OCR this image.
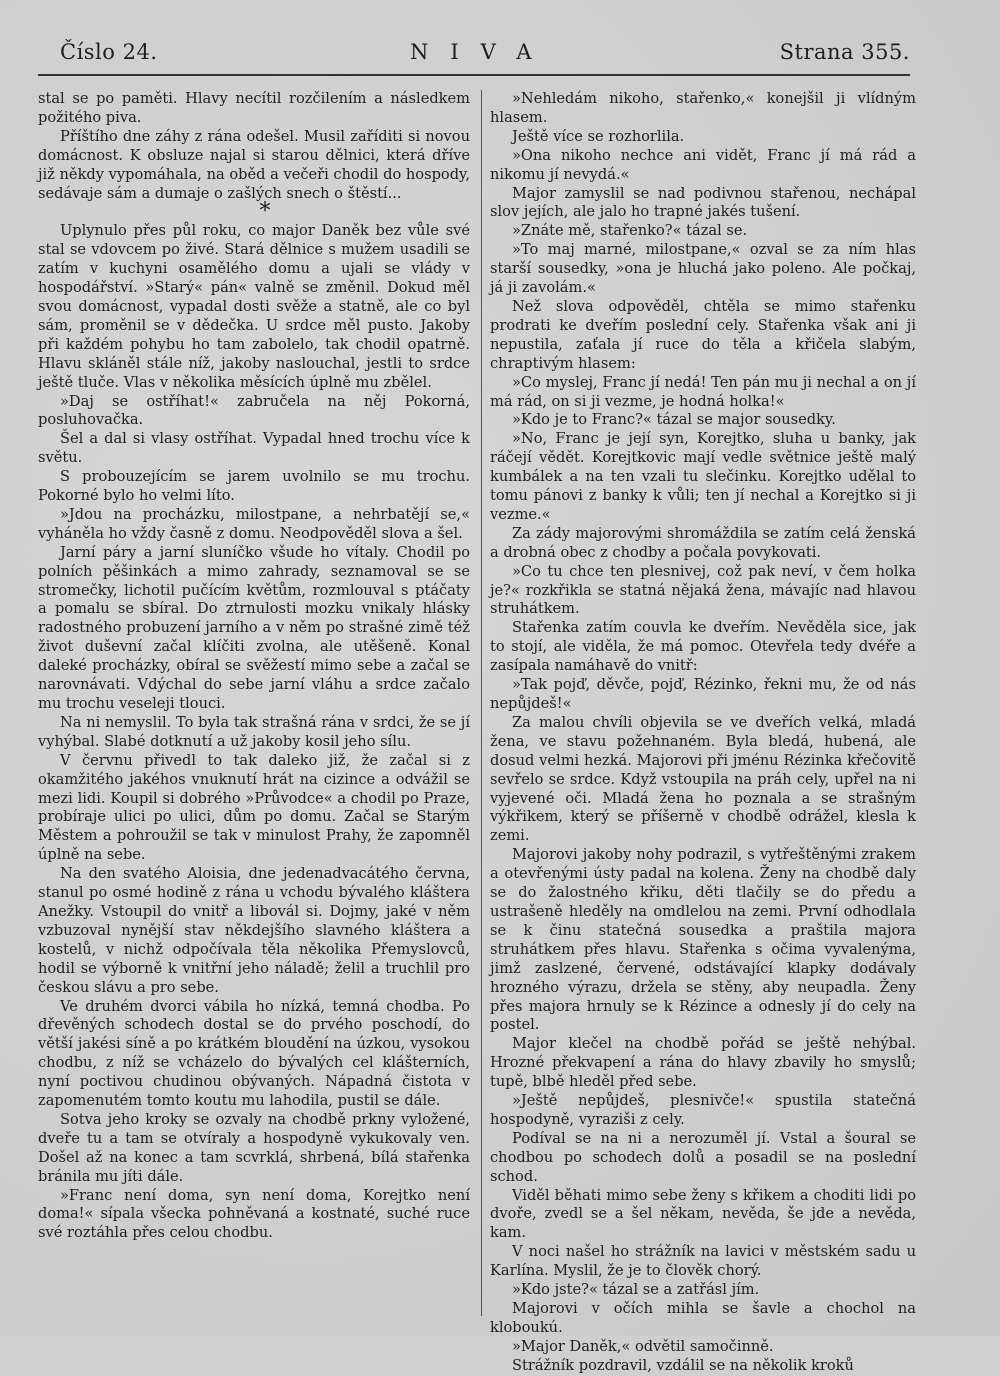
Číslo 24.	NIVA	Strana 355.

stal se po paměti. Hlavy necítil rozčilením a následkem požitého piva.

Příštího dne záhy z rána odešel. Musil zaříditi si novou domácnost. K obsluze najal si starou dělnici, která dříve již někdy vypomáhala, na oběd a večeři chodil do hospody, sedávaje sám a dumaje o zašlých snech o štěstí...

*

Uplynulo přes půl roku, co major Daněk bez vůle své stal se vdovcem po živé. Stará dělnice s mužem usadili se zatím v kuchyni osamělého domu a ujali se vlády v hospodářství. »Starý« pán« valně se změnil. Dokud měl svou domácnost, vypadal dosti svěže a statně, ale co byl sám, proměnil se v dědečka. U srdce měl pusto. Jakoby při každém pohybu ho tam zabolelo, tak chodil opatrně. Hlavu skláněl stále níž, jakoby naslouchal, jestli to srdce ještě tluče. Vlas v několika měsících úplně mu zbělel.

»Daj se ostříhat!« zabručela na něj Pokorná, posluhovačka.

Šel a dal si vlasy ostříhat. Vypadal hned trochu více k světu.

S probouzejícím se jarem uvolnilo se mu trochu. Pokorné bylo ho velmi líto.

»Jdou na procházku, milostpane, a nehrbatějí se,« vyháněla ho vždy časně z domu. Neodpověděl slova a šel.

Jarní páry a jarní sluníčko všude ho vítaly. Chodil po polních pěšinkách a mimo zahrady, seznamoval se se stromečky, lichotil pučícím květům, rozmlouval s ptáčaty a pomalu se sbíral. Do ztrnulosti mozku vnikaly hlásky radostného probuzení jarního a v něm po strašné zimě též život duševní začal klíčiti zvolna, ale utěšeně. Konal daleké procházky, obíral se svěžestí mimo sebe a začal se narovnávati. Vdýchal do sebe jarní vláhu a srdce začalo mu trochu veseleji tlouci.

Na ni nemyslil. To byla tak strašná rána v srdci, že se jí vyhýbal. Slabé dotknutí a už jakoby kosil jeho sílu.

V červnu přivedl to tak daleko již, že začal si z okamžitého jakéhos vnuknutí hrát na cizince a odvážil se mezi lidi. Koupil si dobrého »Průvodce« a chodil po Praze, probíraje ulici po ulici, dům po domu. Začal se Starým Městem a pohroužil se tak v minulost Prahy, že zapomněl úplně na sebe.

Na den svatého Aloisia, dne jedenadvacátého června, stanul po osmé hodině z rána u vchodu bývalého kláštera Anežky. Vstoupil do vnitř a libovál si. Dojmy, jaké v něm vzbuzoval nynější stav někdejšího slavného kláštera a kostelů, v nichž odpočívala těla několika Přemyslovců, hodil se výborně k vnitřní jeho náladě; želil a truchlil pro českou slávu a pro sebe.

Ve druhém dvorci vábila ho nízká, temná chodba. Po dřevěných schodech dostal se do prvého poschodí, do větší jakési síně a po krátkém bloudění na úzkou, vysokou chodbu, z níž se vcházelo do bývalých cel klášterních, nyní poctivou chudinou obývaných. Nápadná čistota v zapomenutém tomto koutu mu lahodila, pustil se dále.

Sotva jeho kroky se ozvaly na chodbě prkny vyložené, dveře tu a tam se otvíraly a hospodyně vykukovaly ven. Došel až na konec a tam scvrklá, shrbená, bílá stařenka bránila mu jíti dále.

»Franc není doma, syn není doma, Korejtko není doma!« sípala všecka pohněvaná a kostnaté, suché ruce své roztáhla přes celou chodbu.

»Nehledám nikoho, stařenko,« konejšil ji vlídným hlasem.

Ještě více se rozhorlila.

»Ona nikoho nechce ani vidět, Franc jí má rád a nikomu jí nevydá.«

Major zamyslil se nad podivnou stařenou, nechápal slov jejích, ale jalo ho trapné jakés tušení.

»Znáte mě, stařenko?« tázal se.

»To maj marné, milostpane,« ozval se za ním hlas starší sousedky, »ona je hluchá jako poleno. Ale počkaj, já ji zavolám.«

Než slova odpověděl, chtěla se mimo stařenku prodrati ke dveřím poslední cely. Stařenka však ani ji nepustila, zaťala jí ruce do těla a křičela slabým, chraptivým hlasem:

»Co myslej, Franc jí nedá! Ten pán mu ji nechal a on jí má rád, on si ji vezme, je hodná holka!«

»Kdo je to Franc?« tázal se major sousedky.

»No, Franc je její syn, Korejtko, sluha u banky, jak ráčejí vědět. Korejtkovic mají vedle světnice ještě malý kumbálek a na ten vzali tu slečinku. Korejtko udělal to tomu pánovi z banky k vůli; ten jí nechal a Korejtko si ji vezme.«

Za zády majorovými shromáždila se zatím celá ženská a drobná obec z chodby a počala povykovati.

»Co tu chce ten plesnivej, což pak neví, v čem holka je?« rozkřikla se statná nějaká žena, mávajíc nad hlavou struhátkem.

Stařenka zatím couvla ke dveřím. Nevěděla sice, jak to stojí, ale viděla, že má pomoc. Otevřela tedy dvéře a zasípala namáhavě do vnitř:

»Tak pojď, děvče, pojď, Rézinko, řekni mu, že od nás nepůjdeš!«

Za malou chvíli objevila se ve dveřích velká, mladá žena, ve stavu požehnaném. Byla bledá, hubená, ale dosud velmi hezká. Majorovi při jménu Rézinka křečovitě sevřelo se srdce. Když vstoupila na práh cely, upřel na ni vyjevené oči. Mladá žena ho poznala a se strašným výkřikem, který se příšerně v chodbě odrážel, klesla k zemi.

Majorovi jakoby nohy podrazil, s vytřeštěnými zrakem a otevřenými ústy padal na kolena. Ženy na chodbě daly se do žalostného křiku, děti tlačily se do předu a ustrašeně hleděly na omdlelou na zemi. První odhodlala se k činu statečná sousedka a praštila majora struhátkem přes hlavu. Stařenka s očima vyvalenýma, jimž zaslzené, červené, odstávající klapky dodávaly hrozného výrazu, držela se stěny, aby neupadla. Ženy přes majora hrnuly se k Rézince a odnesly jí do cely na postel.

Major klečel na chodbě pořád se ještě nehýbal. Hrozné překvapení a rána do hlavy zbavily ho smyslů; tupě, blbě hleděl před sebe.

»Ještě nepůjdeš, plesnivče!« spustila statečná hospodyně, vyraziši z cely.

Podíval se na ni a nerozuměl jí. Vstal a šoural se chodbou po schodech dolů a posadil se na poslední schod.

Viděl běhati mimo sebe ženy s křikem a choditi lidi po dvoře, zvedl se a šel někam, nevěda, še jde a nevěda, kam.

V noci našel ho strážník na lavici v městském sadu u Karlína. Myslil, že je to člověk chorý.

»Kdo jste?« tázal se a zatřásl jím.

Majorovi v očích mihla se šavle a chochol na kloboukú.

»Major Daněk,« odvětil samočinně.

Strážník pozdravil, vzdálil se na několik kroků
